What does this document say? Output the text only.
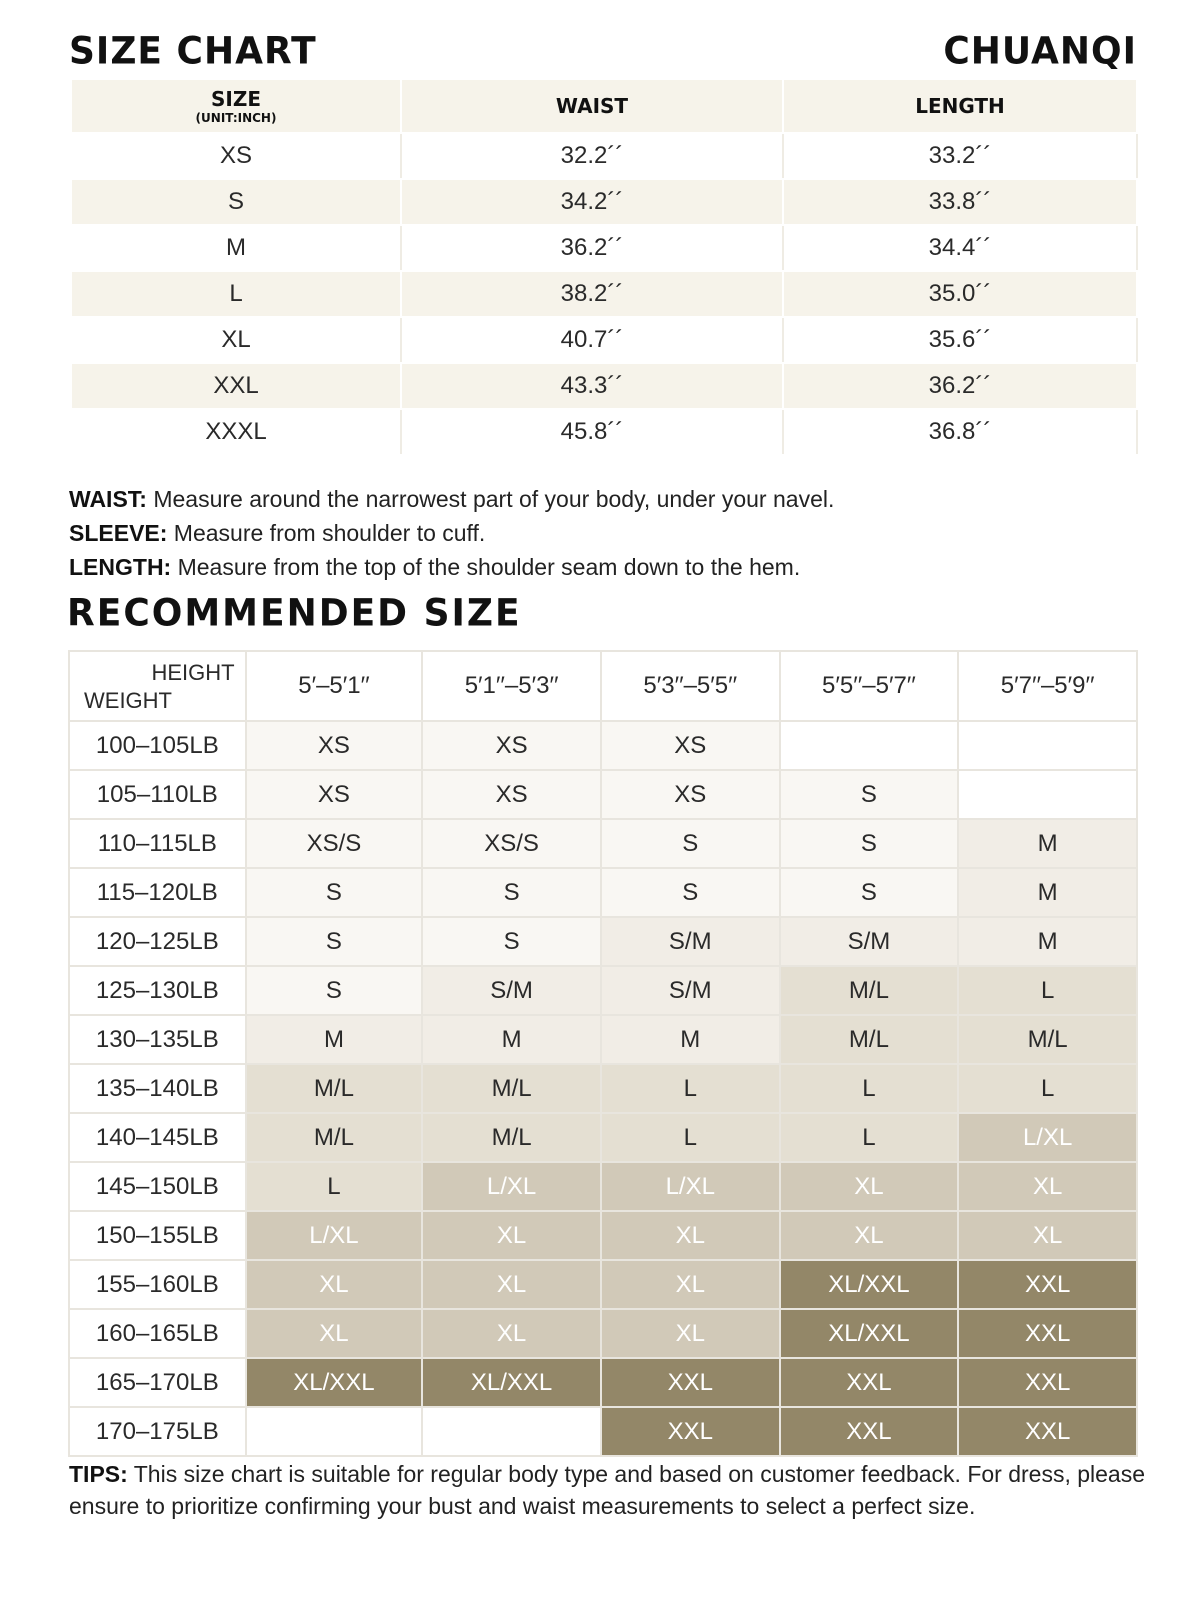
SIZE CHART	CHUANQI
SIZE
(UNIT:INCH)	WAIST	LENGTH
XS	32.2´´	33.2´´
S	34.2´´	33.8´´
M	36.2´´	34.4´´
L	38.2´´	35.0´´
XL	40.7´´	35.6´´
XXL	43.3´´	36.2´´
XXXL	45.8´´	36.8´´

WAIST: Measure around the narrowest part of your body, under your navel.

SLEEVE: Measure from shoulder to cuff.

LENGTH: Measure from the top of the shoulder seam down to the hem.

RECOMMENDED SIZE
HEIGHT
WEIGHT	5′–5′1′′	5′1′′–5′3′′	5′3′′–5′5′′	5′5′′–5′7′′	5′7′′–5′9′′
100–105LB	XS	XS	XS		
105–110LB	XS	XS	XS	S	
110–115LB	XS/S	XS/S	S	S	M
115–120LB	S	S	S	S	M
120–125LB	S	S	S/M	S/M	M
125–130LB	S	S/M	S/M	M/L	L
130–135LB	M	M	M	M/L	M/L
135–140LB	M/L	M/L	L	L	L
140–145LB	M/L	M/L	L	L	L/XL
145–150LB	L	L/XL	L/XL	XL	XL
150–155LB	L/XL	XL	XL	XL	XL
155–160LB	XL	XL	XL	XL/XXL	XXL
160–165LB	XL	XL	XL	XL/XXL	XXL
165–170LB	XL/XXL	XL/XXL	XXL	XXL	XXL
170–175LB			XXL	XXL	XXL

TIPS: This size chart is suitable for regular body type and based on customer feedback. For dress, please ensure to prioritize confirming your bust and waist measurements to select a perfect size.
